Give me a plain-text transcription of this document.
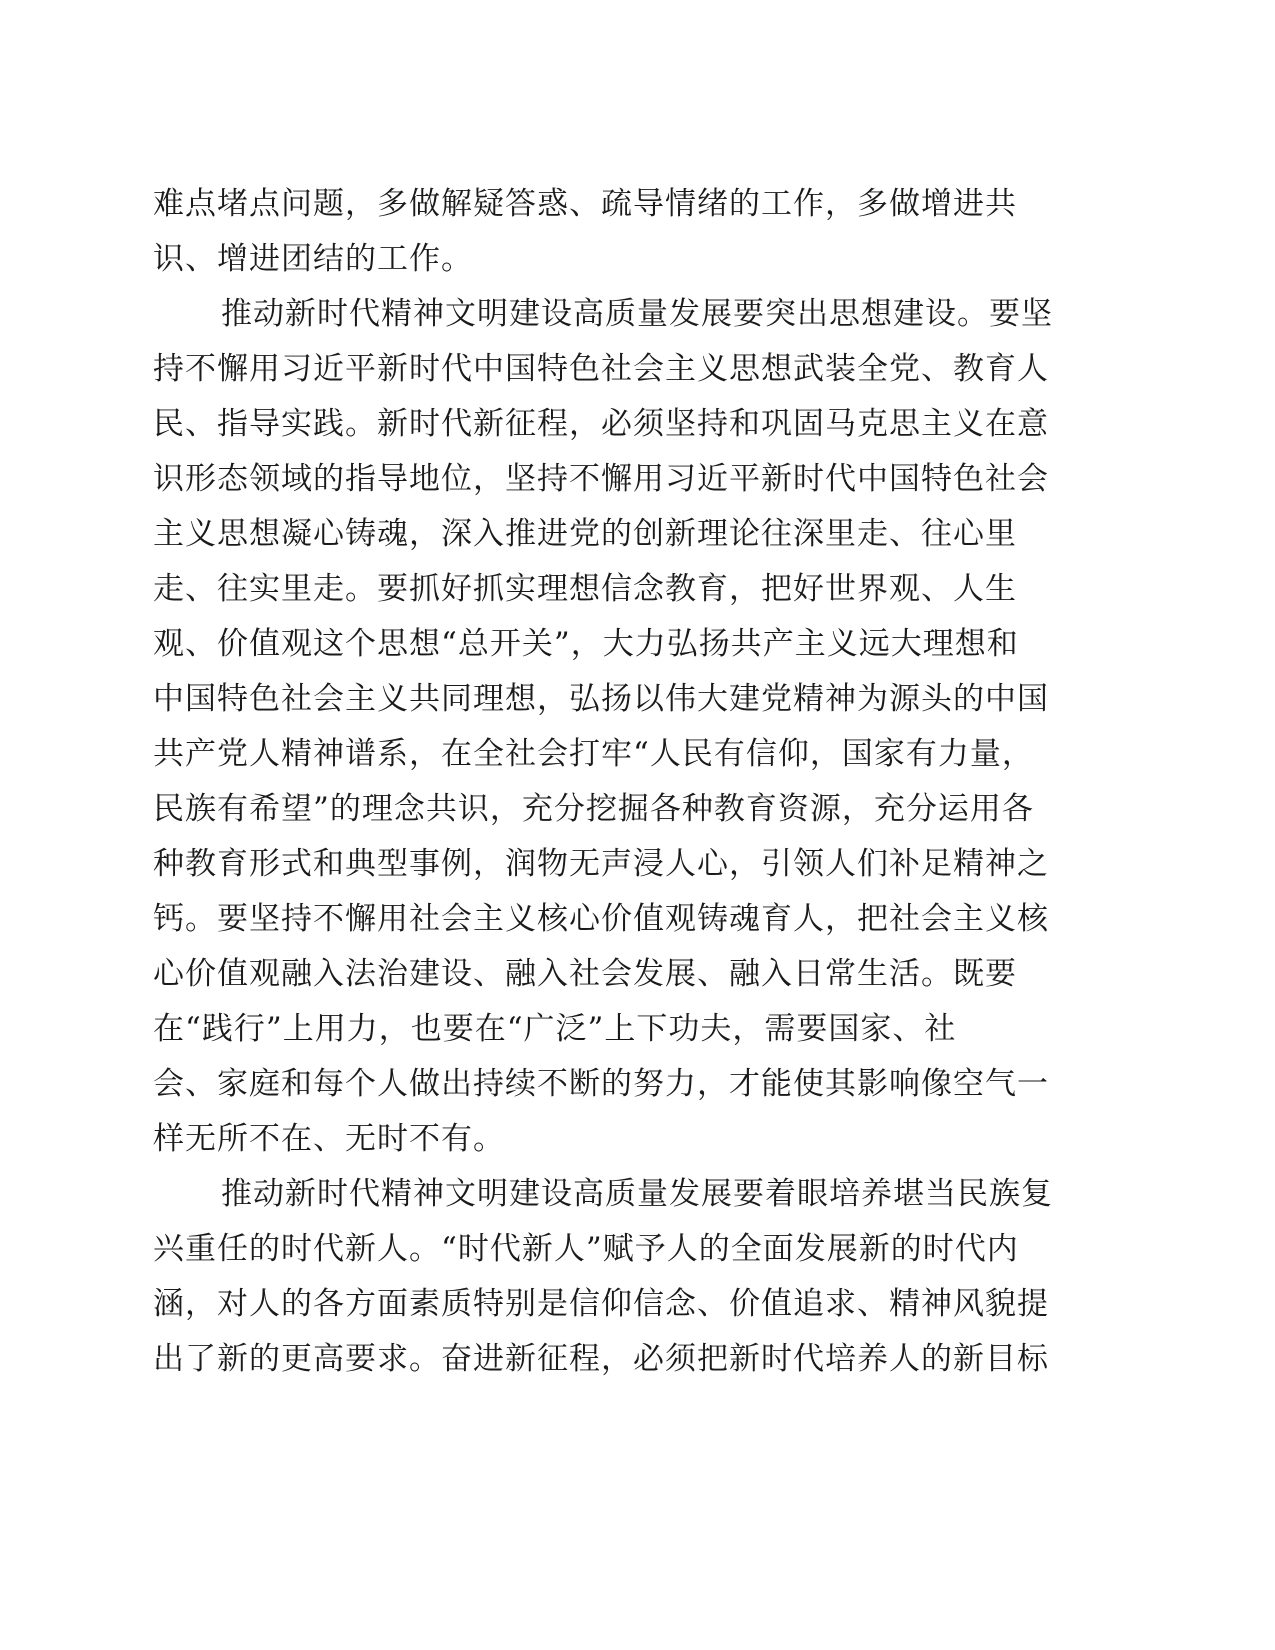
难点堵点问题，多做解疑答惑、疏导情绪的工作，多做增进共
识、增进团结的工作。
推动新时代精神文明建设高质量发展要突出思想建设。要坚
持不懈用习近平新时代中国特色社会主义思想武装全党、教育人
民、指导实践。新时代新征程，必须坚持和巩固马克思主义在意
识形态领域的指导地位，坚持不懈用习近平新时代中国特色社会
主义思想凝心铸魂，深入推进党的创新理论往深里走、往心里
走、往实里走。要抓好抓实理想信念教育，把好世界观、人生
观、价值观这个思想“总开关”，大力弘扬共产主义远大理想和
中国特色社会主义共同理想，弘扬以伟大建党精神为源头的中国
共产党人精神谱系，在全社会打牢“人民有信仰，国家有力量，
民族有希望”的理念共识，充分挖掘各种教育资源，充分运用各
种教育形式和典型事例，润物无声浸人心，引领人们补足精神之
钙。要坚持不懈用社会主义核心价值观铸魂育人，把社会主义核
心价值观融入法治建设、融入社会发展、融入日常生活。既要
在“践行”上用力，也要在“广泛”上下功夫，需要国家、社
会、家庭和每个人做出持续不断的努力，才能使其影响像空气一
样无所不在、无时不有。
推动新时代精神文明建设高质量发展要着眼培养堪当民族复
兴重任的时代新人。“时代新人”赋予人的全面发展新的时代内
涵，对人的各方面素质特别是信仰信念、价值追求、精神风貌提
出了新的更高要求。奋进新征程，必须把新时代培养人的新目标
